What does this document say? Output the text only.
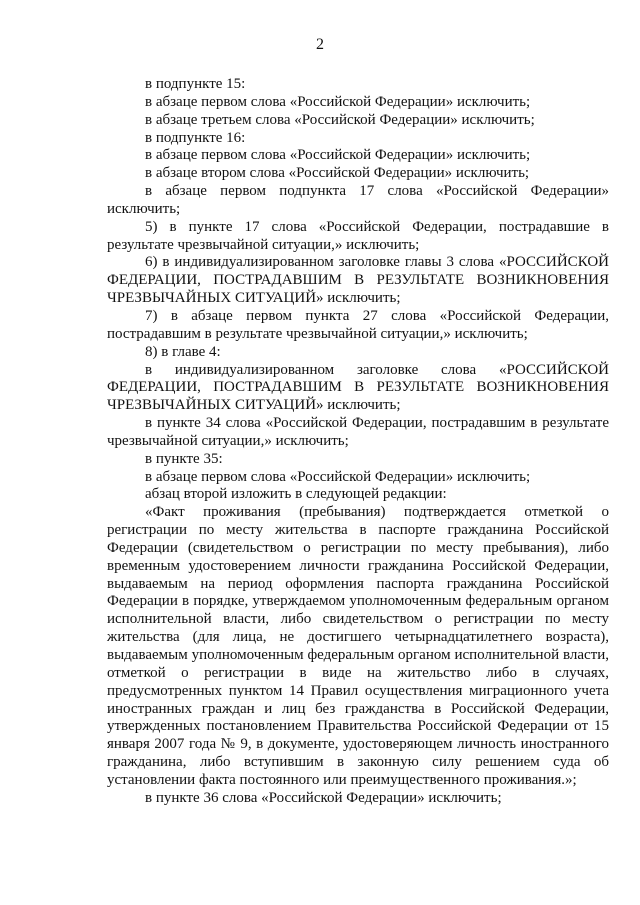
2

в подпункте 15:

в абзаце первом слова «Российской Федерации» исключить;

в абзаце третьем слова «Российской Федерации» исключить;

в подпункте 16:

в абзаце первом слова «Российской Федерации» исключить;

в абзаце втором слова «Российской Федерации» исключить;

в абзаце первом подпункта 17 слова «Российской Федерации» исключить;

5) в пункте 17 слова «Российской Федерации, пострадавшие в результате чрезвычайной ситуации,» исключить;

6) в индивидуализированном заголовке главы 3 слова «РОССИЙСКОЙ ФЕДЕРАЦИИ, ПОСТРАДАВШИМ В РЕЗУЛЬТАТЕ ВОЗНИКНОВЕНИЯ ЧРЕЗВЫЧАЙНЫХ СИТУАЦИЙ» исключить;

7) в абзаце первом пункта 27 слова «Российской Федерации, пострадавшим в результате чрезвычайной ситуации,» исключить;

8) в главе 4:

в индивидуализированном заголовке слова «РОССИЙСКОЙ ФЕДЕРАЦИИ, ПОСТРАДАВШИМ В РЕЗУЛЬТАТЕ ВОЗНИКНОВЕНИЯ ЧРЕЗВЫЧАЙНЫХ СИТУАЦИЙ» исключить;

в пункте 34 слова «Российской Федерации, пострадавшим в результате чрезвычайной ситуации,» исключить;

в пункте 35:

в абзаце первом слова «Российской Федерации» исключить;

абзац второй изложить в следующей редакции:

«Факт проживания (пребывания) подтверждается отметкой о регистрации по месту жительства в паспорте гражданина Российской Федерации (свидетельством о регистрации по месту пребывания), либо временным удостоверением личности гражданина Российской Федерации, выдаваемым на период оформления паспорта гражданина Российской Федерации в порядке, утверждаемом уполномоченным федеральным органом исполнительной власти, либо свидетельством о регистрации по месту жительства (для лица, не достигшего четырнадцатилетнего возраста), выдаваемым уполномоченным федеральным органом исполнительной власти, отметкой о регистрации в виде на жительство либо в случаях, предусмотренных пунктом 14 Правил осуществления миграционного учета иностранных граждан и лиц без гражданства в Российской Федерации, утвержденных постановлением Правительства Российской Федерации от 15 января 2007 года № 9, в документе, удостоверяющем личность иностранного гражданина, либо вступившим в законную силу решением суда об установлении факта постоянного или преимущественного проживания.»;

в пункте 36 слова «Российской Федерации» исключить;
